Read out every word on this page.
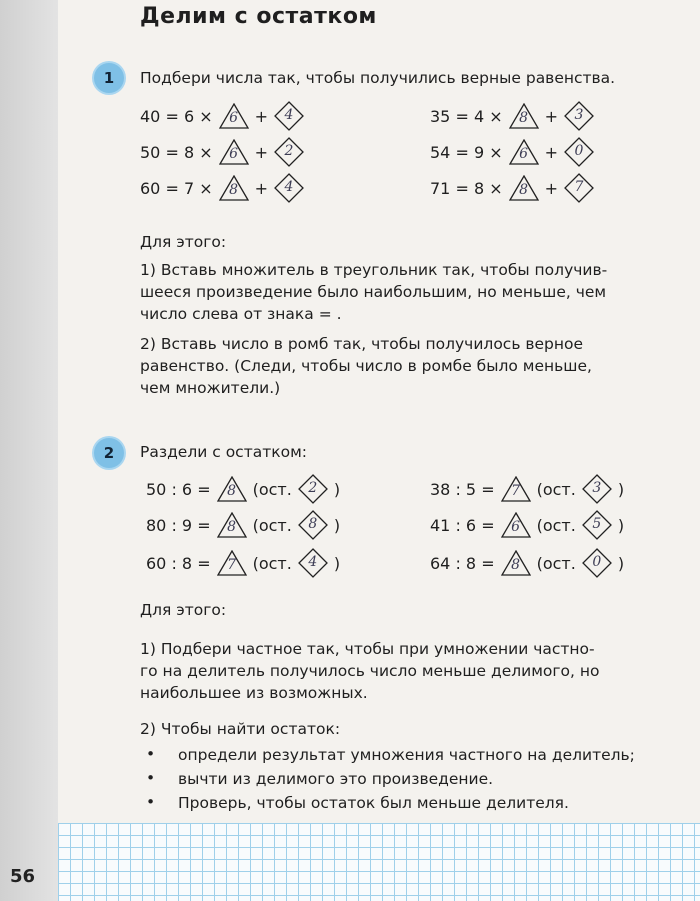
56
Делим с остатком
1	Подбери числа так, чтобы получились верные равенства.
40 = 6 ×	6	+	4
50 = 8 ×	6	+	2
60 = 7 ×	8	+	4
35 = 4 ×	8	+	3
54 = 9 ×	6	+	0
71 = 8 ×	8	+	7
Для этого:
1) Вставь множитель в треугольник так, чтобы получив-
шееся произведение было наибольшим, но меньше, чем
число слева от знака = .
2) Вставь число в ромб так, чтобы получилось верное
равенство. (Следи, чтобы число в ромбе было меньше,
чем множители.)
2	Раздели с остатком:
50 : 6 =	8	(ост.	2	)
80 : 9 =	8	(ост.	8	)
60 : 8 =	7	(ост.	4	)
38 : 5 =	7	(ост.	3	)
41 : 6 =	6	(ост.	5	)
64 : 8 =	8	(ост.	0	)
Для этого:
1) Подбери частное так, чтобы при умножении частно-
го на делитель получилось число меньше делимого, но
наибольшее из возможных.
2) Чтобы найти остаток:
• определи результат умножения частного на делитель;
• вычти из делимого это произведение.
• Проверь, чтобы остаток был меньше делителя.
